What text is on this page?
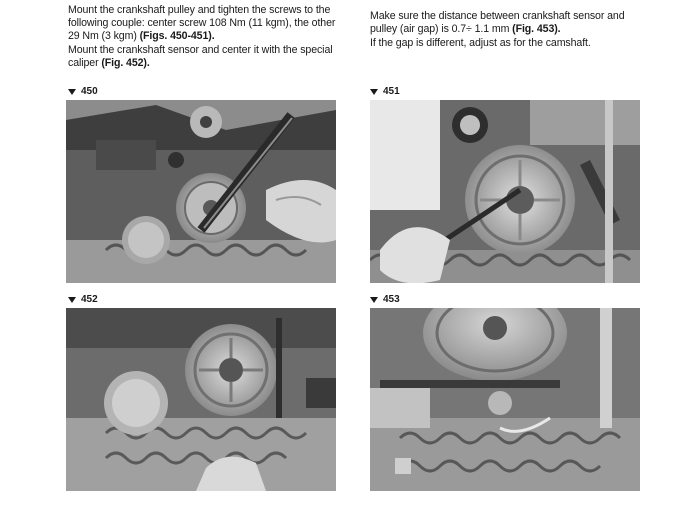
Mount the crankshaft pulley and tighten the screws to the following couple: center screw 108 Nm (11 kgm), the other 29 Nm (3 kgm) (Figs. 450-451).

Mount the crankshaft sensor and center it with the special caliper (Fig. 452).

Make sure the distance between crankshaft sensor and pulley (air gap) is 0.7÷ 1.1 mm (Fig. 453).

If the gap is different, adjust as for the camshaft.

450	451
452	453
